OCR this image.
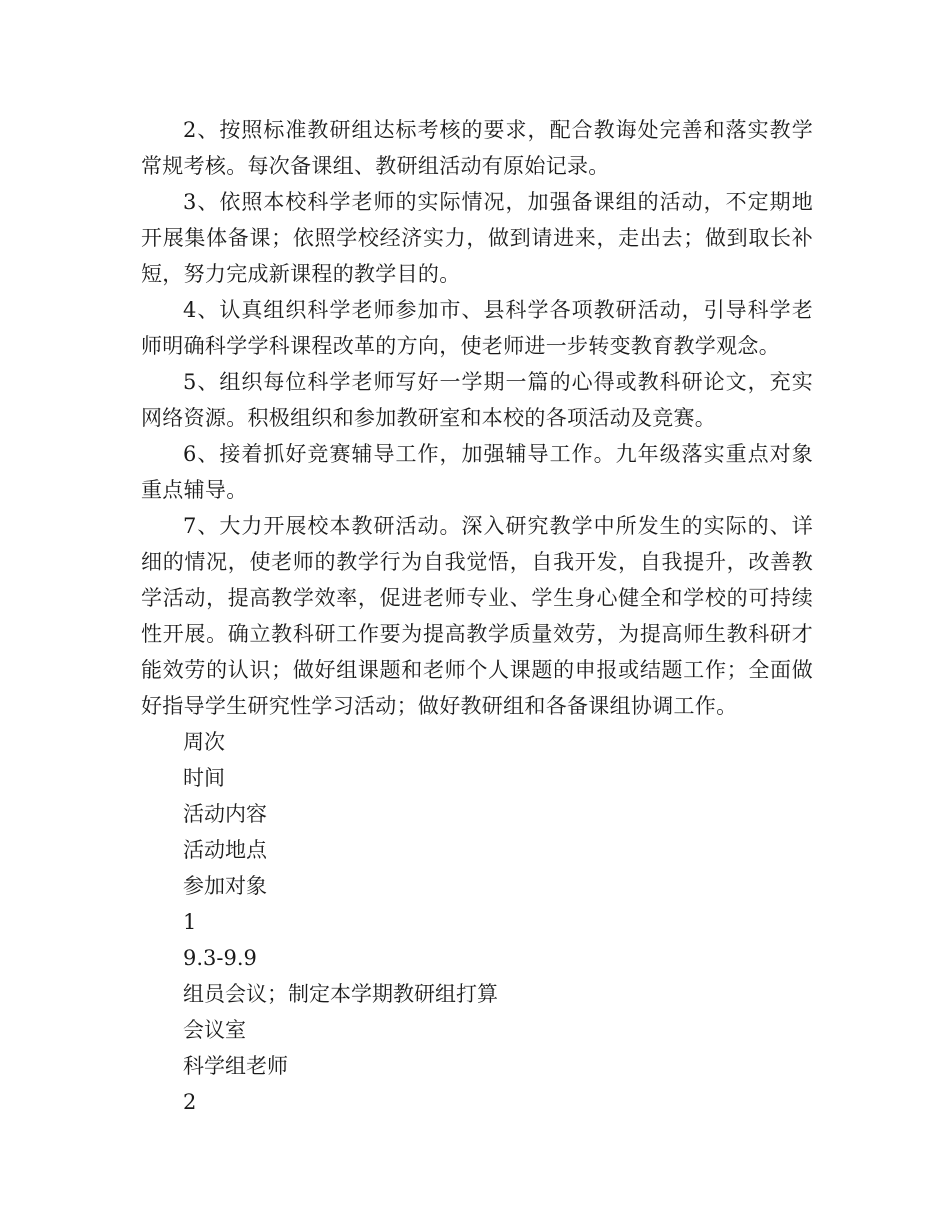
2、按照标准教研组达标考核的要求，配合教诲处完善和落实教学常规考核。每次备课组、教研组活动有原始记录。

3、依照本校科学老师的实际情况，加强备课组的活动，不定期地开展集体备课；依照学校经济实力，做到请进来，走出去；做到取长补短，努力完成新课程的教学目的。

4、认真组织科学老师参加市、县科学各项教研活动，引导科学老师明确科学学科课程改革的方向，使老师进一步转变教育教学观念。

5、组织每位科学老师写好一学期一篇的心得或教科研论文，充实网络资源。积极组织和参加教研室和本校的各项活动及竞赛。

6、接着抓好竞赛辅导工作，加强辅导工作。九年级落实重点对象重点辅导。

7、大力开展校本教研活动。深入研究教学中所发生的实际的、详细的情况，使老师的教学行为自我觉悟，自我开发，自我提升，改善教学活动，提高教学效率，促进老师专业、学生身心健全和学校的可持续性开展。确立教科研工作要为提高教学质量效劳，为提高师生教科研才能效劳的认识；做好组课题和老师个人课题的申报或结题工作；全面做好指导学生研究性学习活动；做好教研组和各备课组协调工作。

周次
时间
活动内容
活动地点
参加对象
1
9.3-9.9
组员会议；制定本学期教研组打算
会议室
科学组老师
2
